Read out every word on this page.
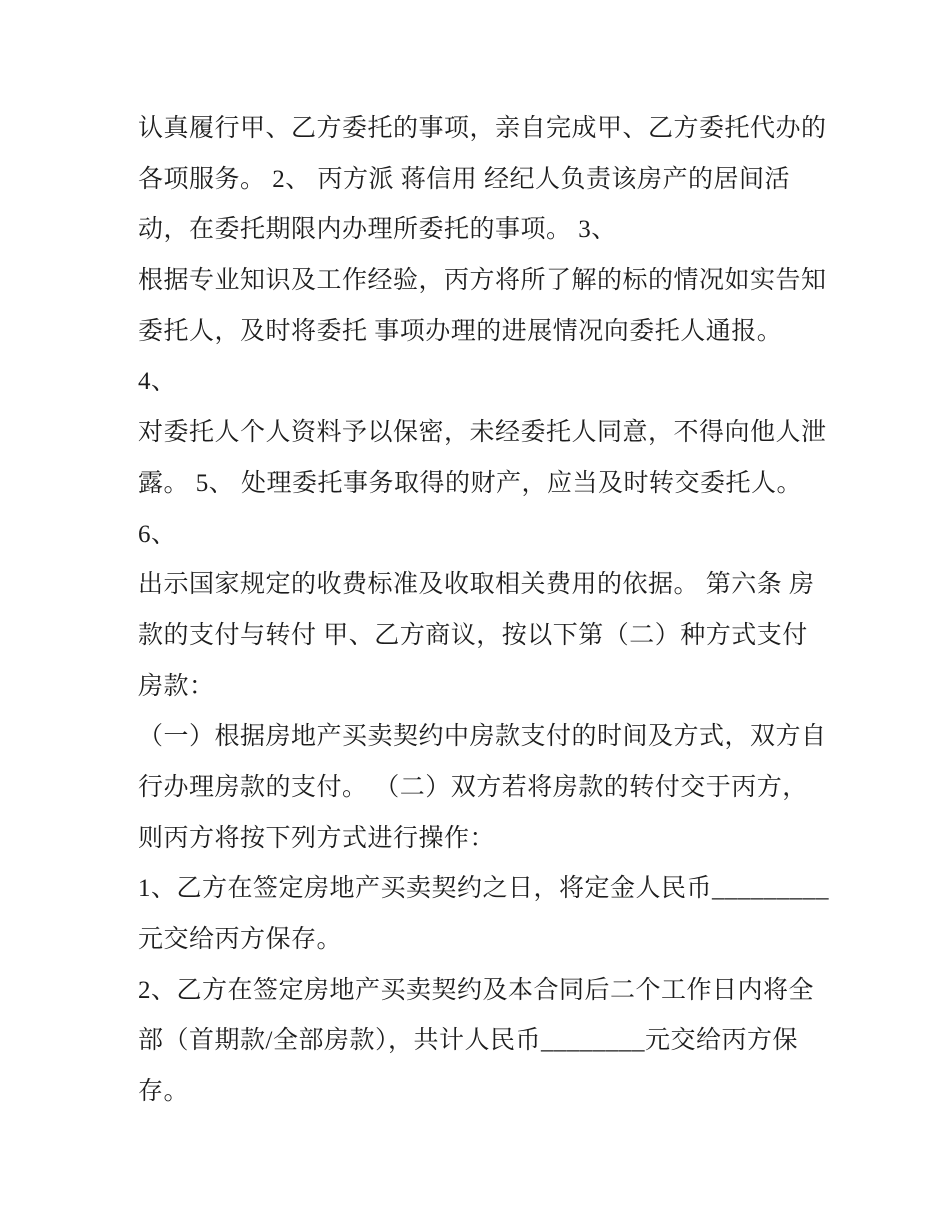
认真履行甲、乙方委托的事项，亲自完成甲、乙方委托代办的
各项服务。 2、 丙方派 蒋信用 经纪人负责该房产的居间活
动，在委托期限内办理所委托的事项。 3、
根据专业知识及工作经验，丙方将所了解的标的情况如实告知
委托人，及时将委托 事项办理的进展情况向委托人通报。
4、
对委托人个人资料予以保密，未经委托人同意，不得向他人泄
露。 5、 处理委托事务取得的财产，应当及时转交委托人。
6、
出示国家规定的收费标准及收取相关费用的依据。 第六条 房
款的支付与转付 甲、乙方商议，按以下第（二）种方式支付
房款：
（一）根据房地产买卖契约中房款支付的时间及方式，双方自
行办理房款的支付。 （二）双方若将房款的转付交于丙方，
则丙方将按下列方式进行操作：
1、乙方在签定房地产买卖契约之日，将定金人民币_________
元交给丙方保存。
2、乙方在签定房地产买卖契约及本合同后二个工作日内将全
部（首期款/全部房款），共计人民币________元交给丙方保
存。
